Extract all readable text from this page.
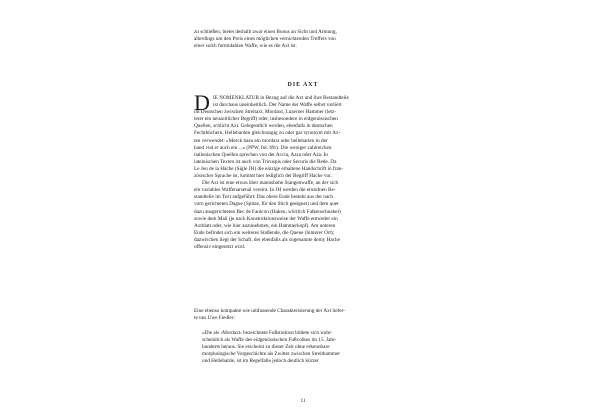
zu schließen, bietet deshalb zwar einen Bonus an Sicht und Armung,
allerdings um den Preis eines möglichen vernichtenden Treffers von
einer solch formidablen Waffe, wie es die Axt ist.
DIE AXT
D IE NOMENKLATUR in Bezug auf die Axt und ihre Bestandteile
ist durchaus uneinheitlich. Der Name der Waffe selbst variiert
im Deutschen zwischen Streitaxt, Mordaxt, Luzerner Hammer (letz-
terer ein neuzeitlicher Begriff) oder, insbesondere in eidgenössischen
Quellen, schlicht Axt. Gelegentlich werden, ebenfalls in deutschen
Fechtbüchern, Hellebarden gleichrangig zu oder gar synonym mit Äx-
ten verwendet: »Merck hasu ein mordaxt oder hellebarten in der
hand vnd er auch ein ...« (PPW, fol. 69r). Die weniger zahlreichen
italienischen Quellen sprechen von der Accia, Azza oder Aza. In
lateinischen Texten ist auch von Tricuspis oder Securis die Rede. Da
Le Jeu de la Hache (Sigle JH) die einzige erhaltene Handschrift in fran-
zösischer Sprache ist, kommt hier lediglich der Begriff Hache vor.
Die Axt ist eine etwas über mannshohe Stangenwaffe, an der sich
ein variables Waffenarsenal vereint. In JH werden die einzelnen Be-
standteile im Text aufgeführt: Das obere Ende besteht aus der nach
vorn gerichteten Dague (Spitze, für den Stich geeignet) und dem quer
dazu ausgerichteten Bec de Faulcon (Haken, wörtlich Falkenschnabel)
sowie dem Mail (je nach Konstruktionsweise der Waffe entweder ein
Axtblatt oder, wie hier anzunehmen, ein Hammerkopf). Am unteren
Ende befindet sich ein weiteres Stoßende, die Queue (hinterer Ort);
dazwischen liegt der Schaft, der ebenfalls als sogenannte demy Hache
offensiv eingesetzt wird.
Eine ebenso kompakte wie umfassende Charakterisierung der Axt liefer-
te uns Uwe Fiedler:
»Die als ›Mordaxt‹ bezeichnete Fußstreitaxt bildete sich wahr-
scheinlich als Waffe des eidgenössischen Fußvolkes im 15. Jahr-
hunderts heraus. Sie erscheint zu dieser Zeit ohne erkennbare
morphologische Vorgeschichte als Zwitter zwischen Streithammer
und Hellebarde, ist im Regelfalle jedoch deutlich kürzer
11
